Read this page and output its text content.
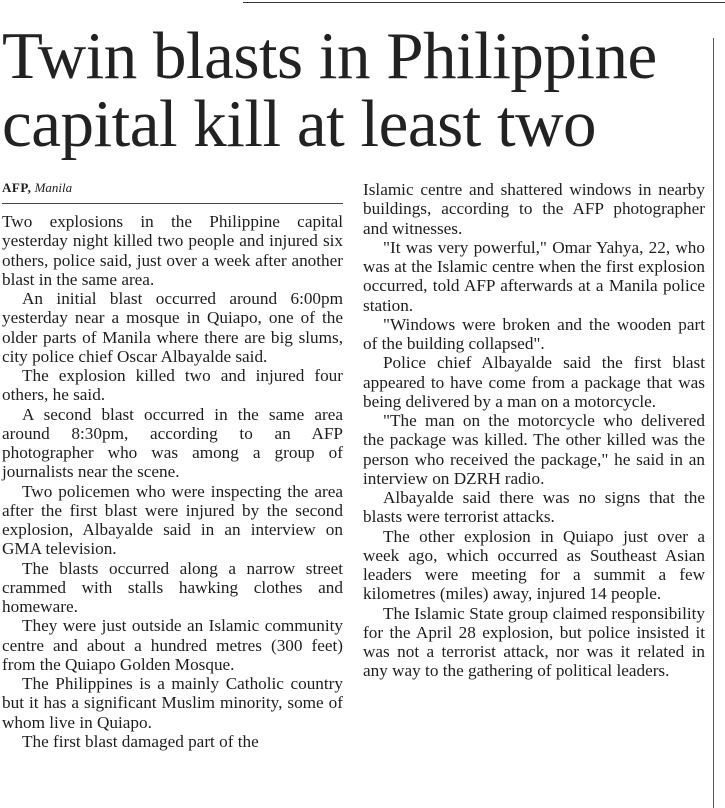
Twin blasts in Philippine capital kill at least two
AFP, Manila

Two explosions in the Philippine capital yesterday night killed two people and injured six others, police said, just over a week after another blast in the same area.

An initial blast occurred around 6:00pm yesterday near a mosque in Quiapo, one of the older parts of Manila where there are big slums, city police chief Oscar Albayalde said.

The explosion killed two and injured four others, he said.

A second blast occurred in the same area around 8:30pm, according to an AFP photographer who was among a group of journalists near the scene.

Two policemen who were inspecting the area after the first blast were injured by the second explosion, Albayalde said in an interview on GMA television.

The blasts occurred along a narrow street crammed with stalls hawking clothes and homeware.

They were just outside an Islamic community centre and about a hundred metres (300 feet) from the Quiapo Golden Mosque.

The Philippines is a mainly Catholic country but it has a significant Muslim minority, some of whom live in Quiapo.

The first blast damaged part of the

Islamic centre and shattered windows in nearby buildings, according to the AFP photographer and witnesses.

"It was very powerful," Omar Yahya, 22, who was at the Islamic centre when the first explosion occurred, told AFP afterwards at a Manila police station.

"Windows were broken and the wooden part of the building collapsed".

Police chief Albayalde said the first blast appeared to have come from a package that was being delivered by a man on a motorcycle.

"The man on the motorcycle who delivered the package was killed. The other killed was the person who received the package," he said in an interview on DZRH radio.

Albayalde said there was no signs that the blasts were terrorist attacks.

The other explosion in Quiapo just over a week ago, which occurred as Southeast Asian leaders were meeting for a summit a few kilometres (miles) away, injured 14 people.

The Islamic State group claimed responsibility for the April 28 explosion, but police insisted it was not a terrorist attack, nor was it related in any way to the gathering of political leaders.
